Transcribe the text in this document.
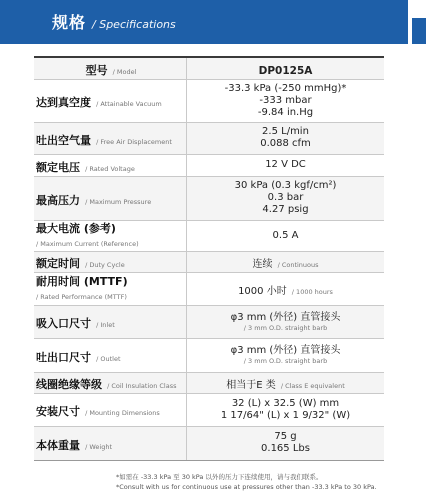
规格 / Specifications
型号 / Model	DP0125A
达到真空度 / Attainable Vacuum	-33.3 kPa (-250 mmHg)*
-333 mbar
-9.84 in.Hg

吐出空气量 / Free Air Displacement	2.5 L/min
0.088 cfm

额定电压 / Rated Voltage	12 V DC

最高压力 / Maximum Pressure	30 kPa (0.3 kgf/cm²)
0.3 bar
4.27 psig

最大电流 (参考)
/ Maximum Current (Reference)	0.5 A

额定时间 / Duty Cycle	连续 / Continuous

耐用时间 (MTTF)
/ Rated Performance (MTTF)	1000 小时 / 1000 hours
吸入口尺寸 / Inlet	φ3 mm (外径) 直管接头
/ 3 mm O.D. straight barb

吐出口尺寸 / Outlet	φ3 mm (外径) 直管接头
/ 3 mm O.D. straight barb

线圈绝缘等级 / Coil Insulation Class	相当于E 类 / Class E equivalent
安装尺寸 / Mounting Dimensions	32 (L) x 32.5 (W) mm
1 17/64" (L) x 1 9/32" (W)

本体重量 / Weight	75 g
0.165 Lbs
*如需在 -33.3 kPa 至 30 kPa 以外的压力下连续使用，请与我们联系。
*Consult with us for continuous use at pressures other than -33.3 kPa to 30 kPa.
